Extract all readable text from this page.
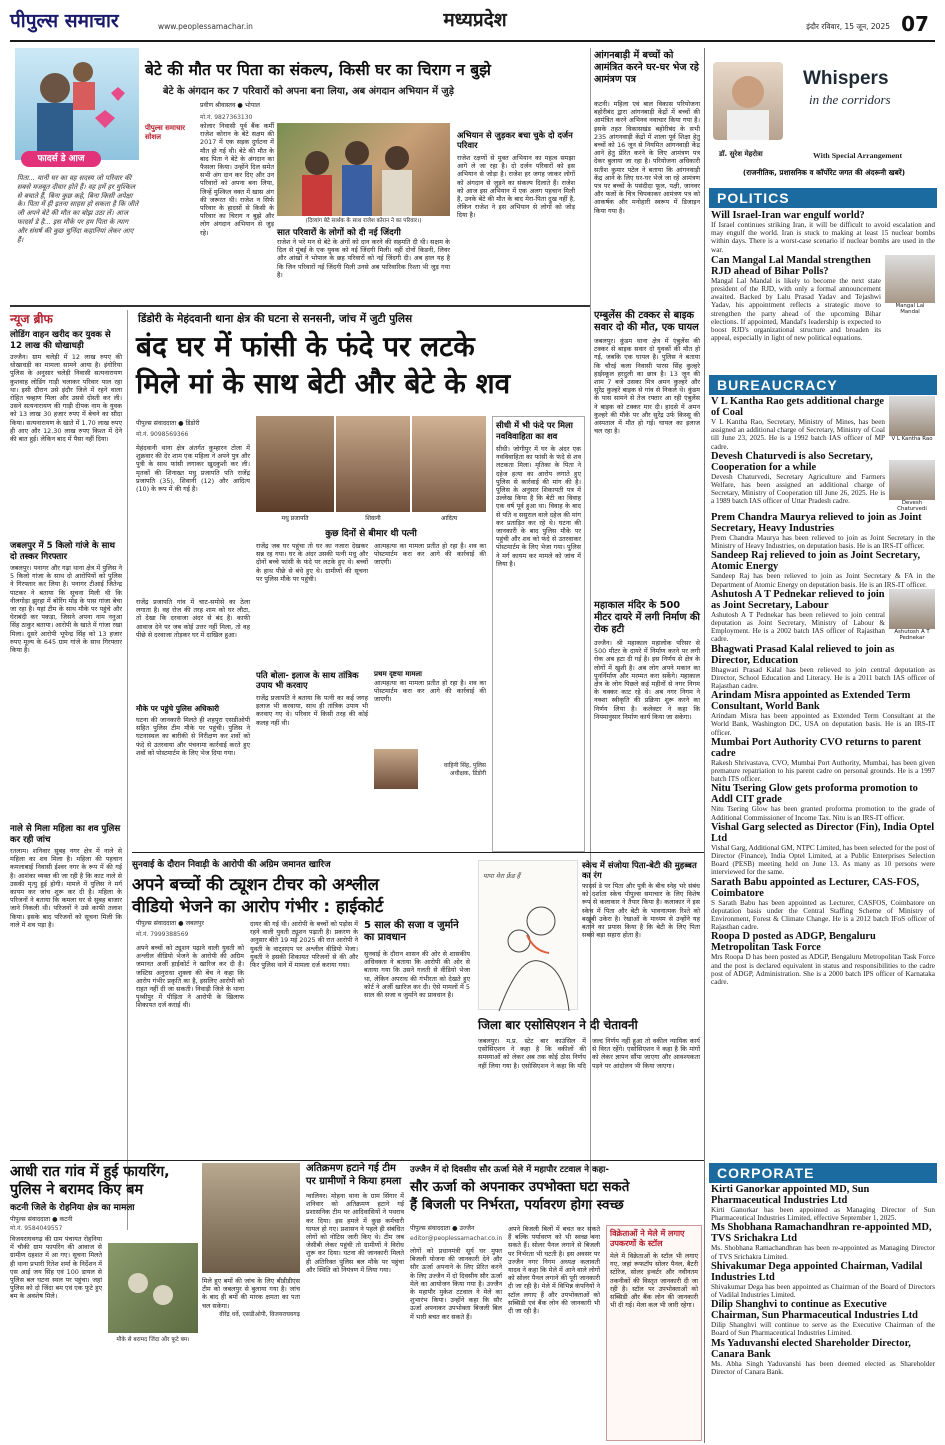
पीपुल्स समाचार	www.peoplessamachar.in	मध्यप्रदेश	इंदौर रविवार, 15 जून, 2025 07
फादर्स डे आज
पिता... यानी घर का वह सदस्य जो परिवार की सबसे मजबूत दीवार होते हैं। वह हमें हर मुश्किल से बचाते हैं, बिना कुछ कहे, बिना किसी अपेक्षा के। पिता में ही इतना साहस हो सकता है कि जीते जी अपने बेटे की मौत का बोझ उठा लें। आज फादर्स डे है... इस मौके पर हम पिता के त्याग और संघर्ष की कुछ चुनिंदा कहानियां लेकर आए हैं।
बेटे की मौत पर पिता का संकल्प, किसी घर का चिराग न बुझे
बेटे के अंगदान कर 7 परिवारों को अपना बना लिया, अब अंगदान अभियान में जुड़े
प्रवीण श्रीवास्तव ● भोपाल
मो.नं. 9827363130
पीपुल्स समाचार सोशल
कोलार निवासी पूर्व बैंक कर्मी राजेश कोरान के बेटे सक्षम की 2017 में एक सड़क दुर्घटना में मौत हो गई थी। बेटे की मौत के बाद पिता ने बेटे के अंगदान का फैसला किया। उन्होंने दिल समेत सभी अंग दान कर दिए और उन परिवारों को अपना बना लिया, जिन्हें मुश्किल वक्त में खास अंग की जरूरत थी। राजेश न सिर्फ परिवार के हादसों से किसी के परिवार का चिराग न बुझे और लोग अंगदान अभियान से जुड़ रहे।
(दिव्यांग बेटे सार्थक के साथ राजेश कोरान ने का परिवार।)
सात परिवारों के लोगों को दी नई जिंदगी
राजेश ने भरे मन से बेटे के अंगों को दान करने की सहमति दी थी। सक्षम के दिल से मुंबई के एक युवक को नई जिंदगी मिली। वहीं दोनों किडनी, लिवर और आंखों ने भोपाल के छह परिवारों को नई जिंदगी दी। अब हाल यह है कि जिन परिवारों नई जिंदगी मिली उनसे अब पारिवारिक रिश्ता भी जुड़ गया है।
अभियान से जुड़कर बचा चुके दो दर्जन परिवार
राजेश रक्षणों से मुक्त अभियान का महत्व समझा आगे ले जा रहा है। दो दर्जन परिवारों को इस अभियान से जोड़ा है। राजेश हर जगह जाकर लोगों को अंगदान से जुड़ने का संकल्प दिलाते हैं। राजेश को आज इस अभियान में एक अलग पहचान मिली है, उनके बेटे की मौत के बाद मेरा-पिता दुख नहीं है, लेकिन राजेश ने इस अभियान से लोगों को जोड़ दिया है।
आंगनबाड़ी में बच्चों को आमंत्रित करने घर-घर भेज रहे आमंत्रण पत्र
कटनी। महिला एवं बाल विकास परियोजना बहोरीबंद द्वारा आंगनबाड़ी केंद्रों में बच्चों की आमंत्रित करने अभिनव नवाचार किया गया है। इसके तहत विकासखंड बहोरीबंद के सभी 235 आंगनवाड़ी केंद्रों में शाला पूर्व शिक्षा हेतु बच्चों को 16 जून से नियमित आंगनवाड़ी केंद्र आने हेतु प्रेरित करने के लिए आमंत्रण पत्र देकर बुलाया जा रहा है। परियोजना अधिकारी सतीश कुमार पटेल ने बताया कि आंगनवाड़ी केंद्र आने के लिए घर-घर भेजे जा रहे आमंत्रण पत्र पर बच्चों के पसंदीदा फूल, पक्षी, जानवर और फलों के चित्र चिपकाकर आमंत्रण पत्र को आकर्षक और मनोहारी स्वरूप में डिजाइन किया गया है।
Whispers
in the corridors
डॉ. सुरेश मेहरोत्रा	With Special Arrangement
(राजनीतिक, प्रशासनिक व कॉर्पोरेट जगत की अंदरूनी खबरें)
POLITICS
Will Israel-Iran war engulf world?
If Israel continues striking Iran, it will be difficult to avoid escalation and may engulf the world. Iran is stuck to making at least 15 nuclear bombs within days. There is a worst-case scenario if nuclear bombs are used in the war.
Can Mangal Lal Mandal strengthen RJD ahead of Bihar Polls?
Mangal Lal Mandal is likely to become the next state president of the RJD, with only a formal announcement awaited. Backed by Lalu Prasad Yadav and Tejashwi Yadav, his appointment reflects a strategic move to strengthen the party ahead of the upcoming Bihar elections. If appointed, Mandal's leadership is expected to boost RJD's organizational structure and broaden its appeal, especially in light of new political equations.
Mangal Lal Mandal
BUREAUCRACY
V L Kantha Rao gets additional charge of Coal
V L Kantha Rao, Secretary, Ministry of Mines, has been assigned an additional charge of Secretary, Ministry of Coal till June 23, 2025. He is a 1992 batch IAS officer of MP cadre.
Devesh Chaturvedi is also Secretary, Cooperation for a while
Devesh Chaturvedi, Secretary Agriculture and Farmers Welfare, has been assigned an additional charge of Secretary, Ministry of Cooperation till June 26, 2025. He is a 1989 batch IAS officer of Uttar Pradesh cadre.
V L Kantha Rao
Devesh Chaturvedi
Prem Chandra Maurya relieved to join as Joint Secretary, Heavy Industries
Prem Chandra Maurya has been relieved to join as Joint Secretary in the Ministry of Heavy Industries, on deputation basis. He is an IRS-IT officer.
Sandeep Raj relieved to join as Joint Secretary, Atomic Energy
Sandeep Raj has been relieved to join as Joint Secretary & FA in the Department of Atomic Energy on deputation basis. He is an IRS-IT officer.
Ashutosh A T Pednekar relieved to join as Joint Secretary, Labour
Ashutosh A T Pednekar has been relieved to join central deputation as Joint Secretary, Ministry of Labour & Employment. He is a 2002 batch IAS officer of Rajasthan cadre.
Ashutosh A T Pednekar
Bhagwati Prasad Kalal relieved to join as Director, Education
Bhagwati Prasad Kalal has been relieved to join central deputation as Director, School Education and Literacy. He is a 2011 batch IAS officer of Rajasthan cadre.
Arindam Misra appointed as Extended Term Consultant, World Bank
Arindam Misra has been appointed as Extended Term Consultant at the World Bank, Washington DC, USA on deputation basis. He is an IRS-IT officer.
Mumbai Port Authority CVO returns to parent cadre
Rakesh Shrivastava, CVO, Mumbai Port Authority, Mumbai, has been given premature repatriation to his parent cadre on personal grounds. He is a 1997 batch ITS officer.
Nitu Tsering Glow gets proforma promotion to Addl CIT grade
Nitu Tsering Glow has been granted proforma promotion to the grade of Additional Commissioner of Income Tax. Nitu is an IRS-IT officer.
Vishal Garg selected as Director (Fin), India Optel Ltd
Vishal Garg, Additional GM, NTPC Limited, has been selected for the post of Director (Finance), India Optel Limited, at a Public Enterprises Selection Board (PESB) meeting held on June 13. As many as 10 persons were interviewed for the same.
Sarath Babu appointed as Lecturer, CAS-FOS, Coimbatore
S Sarath Babu has been appointed as Lecturer, CASFOS, Coimbatore on deputation basis under the Central Staffing Scheme of Ministry of Environment, Forest & Climate Change. He is a 2012 batch IFoS officer of Rajasthan cadre.
Roopa D posted as ADGP, Bengaluru Metropolitan Task Force
Mrs Roopa D has been posted as ADGP, Bengaluru Metropolitan Task Force and the post is declared equivalent in status and responsibilities to the cadre post of ADGP, Administration. She is a 2000 batch IPS officer of Karnataka cadre.
CORPORATE
Kirti Ganorkar appointed MD, Sun Pharmaceutical Industries Ltd
Kirti Ganorkar has been appointed as Managing Director of Sun Pharmaceutical Industries Limited, effective September 1, 2025.
Ms Shobhana Ramachandhran re-appointed MD, TVS Srichakra Ltd
Ms. Shobhana Ramachandhran has been re-appointed as Managing Director of TVS Srichakra Limited.
Shivakumar Dega appointed Chairman, Vadilal Industries Ltd
Shivakumar Dega has been appointed as Chairman of the Board of Directors of Vadilal Industries Limited.
Dilip Shanghvi to continue as Executive Chairman, Sun Pharmaceutical Industries Ltd
Dilip Shanghvi will continue to serve as the Executive Chairman of the Board of Sun Pharmaceutical Industries Limited.
Ms Yaduvanshi elected Shareholder Director, Canara Bank
Ms. Abha Singh Yaduvanshi has been deemed elected as Shareholder Director of Canara Bank.
न्यूज ब्रीफ
लोडिंग वाहन खरीद कर युवक से 12 लाख की धोखाधड़ी
उज्जैन। ग्राम चलेड़ी में 12 लाख रुपए की धोखाधड़ी का मामला सामने आया है। इंगोरिया पुलिस के अनुसार चलेड़ी निवासी सत्यनारायण कुशवाह लोडिंग गाड़ी चलाकर परिवार पाल रहा था। इसी दौरान उसे इंदौर जिले में रहने वाला रोहित चव्हाण मिला और उससे दोस्ती कर ली। उसने सत्यनारायण की गाड़ी दीपक नाम के युवक को 13 लाख 30 हजार रुपए में बेचने का सौदा किया। सत्यनारायण के खाते में 1.70 लाख रुपए ही आए और 12.30 लाख रुपए किश्त में देने की बात हुई। लेकिन बाद में पैसा नहीं दिया।
जबलपुर में 5 किलो गांजे के साथ दो तस्कर गिरफ्तार
जबलपुर। पनागर और गढ़ा थाना क्षेत्र में पुलिस ने 5 किलो गांजा के साथ दो आरोपियों को पुलिस ने गिरफ्तार कर लिया है। पनागर टीआई जितेन्द्र पाटकर ने बताया कि सूचना मिली थी कि नीलगोड़ा झुरहा में बोरिंग मोड़ के पास गांजा बेचा जा रहा है। यहां टीम के साथ मौके पर पहुंचे और घेराबंदी कर पकड़ा, जिसने अपना नाम ननुआ सिंह ठाकुर बताया। आरोपी के खाते में गांजा रखा मिला। दूसरे आरोपी भूपेन्द्र सिंह को 13 हजार रुपए मूल्य के 645 ग्राम गांजे के साथ गिरफ्तार किया है।
नाले से मिला महिला का शव पुलिस कर रही जांच
रतलाम। शनिवार सुबह नगर क्षेत्र में नाले से महिला का शव मिला है। महिला की पहचान कमलाबाई निवासी ईश्वर नगर के रूप में की गई है। आशंका व्यक्त की जा रही है कि काट नाले से उसकी मृत्यु हुई होगी। मामले में पुलिस ने मर्ग कायम कर जांच शुरू कर दी है। महिला के परिजनों ने बताया कि कमला घर से सुबह बाजार जाने निकली थी। परिजनों ने उसे काफी तलाश किया। इसके बाद परिजनों को सूचना मिली कि नाले में शव पड़ा है।
डिंडोरी के मेहंदवानी थाना क्षेत्र की घटना से सनसनी, जांच में जुटी पुलिस
बंद घर में फांसी के फंदे पर लटके
मिले मां के साथ बेटी और बेटे के शव
पीपुल्स संवाददाता ● डिंडोरी
मो.नं. 9098569366
मेहंदवानी थाना क्षेत्र अंतर्गत कुम्हारन टोला में शुक्रवार की देर शाम एक महिला ने अपने पुत्र और पुत्री के साथ फांसी लगाकर खुदकुशी कर ली। मृतकों की शिनाख्त मधु प्रजापति पति राजेंद्र प्रजापति (35), शिवानी (12) और आदित्य (10) के रूप में की गई है।
राजेंद्र प्रजापति गांव में चाट-समोसे का ठेला लगाता है। वह रोज की तरह शाम को घर लौटा, तो देखा कि दरवाजा अंदर से बंद है। काफी आवाज देने पर जब कोई उत्तर नहीं मिला, तो वह पीछे से दरवाजा तोड़कर घर में दाखिल हुआ।
मौके पर पहुंचे पुलिस अधिकारी
घटना की जानकारी मिलते ही शहपुरा एसडीओपी सहित पुलिस टीम मौके पर पहुंची। पुलिस ने घटनास्थल का बारीकी से निरीक्षण कर शवों को फंदे से उतरवाया और पंचनामा कार्रवाई करते हुए शवों को पोस्टमार्टम के लिए भेज दिया गया।
मधु प्रजापति	शिवानी	आदित्य
कुछ दिनों से बीमार थी पत्नी
राजेंद्र जब घर पहुंचा तो घर का नजारा देखकर सन्न रह गया। घर के अंदर उसकी पत्नी मधु और दोनों बच्चे फांसी के फंदे पर लटके हुए थे। बच्चों के हाथ पीछे से बंधे हुए थे। ग्रामीणों की सूचना पर पुलिस मौके पर पहुंची।
आत्महत्या का मामला प्रतीत हो रहा है। शव का पोस्टमार्टम करा कर आगे की कार्रवाई की जाएगी।
पति बोला- इलाज के साथ तांत्रिक उपाय भी करवाए
राजेंद्र प्रजापति ने बताया कि पत्नी का कई जगह इलाज भी करवाया, साथ ही तांत्रिक उपाय भी करवाए गए थे। परिवार में किसी तरह की कोई कलह नहीं थी।
प्रथम दृष्टया मामला
आत्महत्या का मामला प्रतीत हो रहा है। शव का पोस्टमार्टम करा कर आगे की कार्रवाई की जाएगी।
वाहिनी सिंह, पुलिस अधीक्षक, डिंडोरी
सीधी में भी फंदे पर मिला नवविवाहिता का शव
सीधी। जोगीपुर में घर के अंदर एक नवविवाहिता का फांसी के फंदे से शव लटकता मिला। मृतिका के पिता ने दहेज हत्या का आरोप लगाते हुए पुलिस से कार्रवाई की मांग की है। पुलिस के अनुसार शिकायती पत्र में उल्लेख किया है कि बेटी का विवाह एक वर्ष पूर्व हुआ था। विवाह के बाद से पति व ससुराल वाले दहेज की मांग कर प्रताड़ित कर रहे थे। घटना की जानकारी के बाद पुलिस मौके पर पहुंची और शव को फंदे से उतरवाकर पोस्टमार्टम के लिए भेजा गया। पुलिस ने मर्ग कायम कर मामले को जांच में लिया है।
एम्बुलेंस की टक्कर से बाइक सवार दो की मौत, एक घायल
जबलपुर। कुंडम थाना क्षेत्र में एंबुलेंस की टक्कर से बाइक सवार दो युवकों की मौत हो गई, जबकि एक घायल है। पुलिस ने बताया कि चौरई कला निवासी पारस सिंह कुल्हरे हाईस्कूल हरदुली का छात्र है। 13 जून की शाम 7 बजे उसका मित्र अमन कुल्हरे और सुरेंद्र कुल्हरे बाइक से गांव से निकले थे। कुंडम के पास सामने से तेज रफ्तार आ रही एंबुलेंस ने बाइक को टक्कर मार दी। हादसे में अमन कुल्हरे की मौके पर और सुरेंद्र उर्फ किस्सू की अस्पताल में मौत हो गई। घायल का इलाज चल रहा है।
महाकाल मंदिर के 500 मीटर दायरे में लगी निर्माण की रोक हटी
उज्जैन। श्री महाकाल महालोक परिसर से 500 मीटर के दायरे में निर्माण करने पर लगी रोक अब हटा दी गई है। इस निर्णय से क्षेत्र के लोगों में खुशी है। अब लोग अपने मकान का पुनर्निर्माण और मरम्मत करा सकेंगे। महाकाल क्षेत्र के लोग पिछले कई महीनों से नगर निगम के चक्कर काट रहे थे। अब नगर निगम ने नक्शा स्वीकृति की प्रक्रिया शुरू करने का निर्णय लिया है। कलेक्टर ने कहा कि नियमानुसार निर्माण कार्य किया जा सकेगा।
सुनवाई के दौरान निवाड़ी के आरोपी की अग्रिम जमानत खारिज
अपने बच्चों की ट्यूशन टीचर को अश्लील
वीडियो भेजने का आरोप गंभीर : हाईकोर्ट
पीपुल्स संवाददाता ● जबलपुर
मो.नं. 7999388569
अपने बच्चों को ट्यूशन पढ़ाने वाली युवती को अश्लील वीडियो भेजने के आरोपी की अग्रिम जमानत अर्जी हाईकोर्ट ने खारिज कर दी है। जस्टिस अनुराधा शुक्ला की बेंच ने कहा कि आरोप गंभीर प्रकृति का है, इसलिए आरोपी को राहत नहीं दी जा सकती। निवाड़ी जिले के थाना पृथ्वीपुर में पीड़िता ने आरोपी के खिलाफ शिकायत दर्ज कराई थी।
दायर की गई थी। आरोपी के बच्चों को पड़ोस में रहने वाली युवती ट्यूशन पढ़ाती है। प्रकरण के अनुसार बीते 19 मई 2025 की रात आरोपी ने युवती के वाट्सएप पर अश्लील वीडियो भेजा। युवती ने इसकी शिकायत परिजनों से की और फिर पुलिस थाने में मामला दर्ज कराया गया।
5 साल की सजा व जुर्माने का प्रावधान
सुनवाई के दौरान शासन की ओर से शासकीय अधिवक्ता ने बताया कि आरोपी की ओर से बताया गया कि उसने गलती से वीडियो भेजा था, लेकिन अपराध की गंभीरता को देखते हुए कोर्ट ने अर्जी खारिज कर दी। ऐसे मामलों में 5 साल की सजा व जुर्माने का प्रावधान है।
पापा मेरा फ्रेंड हैं
स्केच में संजोया पिता-बेटी की मुहब्बत का रंग
फादर्स डे पर पिता और पुत्री के बीच स्नेह भरे संबंध को दर्शाता स्केच पीपुल्स समाचार के लिए विशेष रूप से कलाकार ने तैयार किया है। कलाकार ने इस स्केच में पिता और बेटी के भावनात्मक रिश्ते को बखूबी उकेरा है। रेखाओं के माध्यम से उन्होंने यह बताने का प्रयास किया है कि बेटी के लिए पिता सबसे बड़ा सहारा होता है।
जिला बार एसोसिएशन ने दी चेतावनी
जबलपुर। म.प्र. स्टेट बार काउंसिल में एसोसिएशन ने कहा है कि वकीलों की समस्याओं को लेकर अब तक कोई ठोस निर्णय नहीं लिया गया है। एसोसिएशन ने कहा कि यदि जल्द निर्णय नहीं हुआ तो वकील न्यायिक कार्य से विरत रहेंगे। एसोसिएशन ने कहा है कि मांगों को लेकर ज्ञापन सौंपा जाएगा और आवश्यकता पड़ने पर आंदोलन भी किया जाएगा।
आधी रात गांव में हुई फायरिंग,
पुलिस ने बरामद किए बम
कटनी जिले के रोहनिया क्षेत्र का मामला
पीपुल्स संवाददाता ● कटनी
मो.नं. 9584049557
विजयराघवगढ़ की ग्राम पंचायत रोहनिया में चौकी ग्राम फायरिंग की आवाज से ग्रामीण दहशत में आ गए। सूचना मिलते ही थाना प्रभारी रितेश शर्मा के निर्देशन में एस आई जय सिंह एवं 100 डायल से पुलिस बल घटना स्थल पर पहुंचा। जहां पुलिस को दो जिंदा बम एवं एक फूटे हुए बम के अवशेष मिले।
मौके से बरामद जिंदा और फूटे बम।
मिले हुए बमों की जांच के लिए बीडीडीएस टीम को जबलपुर से बुलाया गया है। जांच के बाद ही बमों की मारक क्षमता का पता चल सकेगा।
वीरेंद्र धर्वे, एसडीओपी, विजयराघवगढ़
अतिक्रमण हटाने गई टीम पर ग्रामीणों ने किया हमला
ग्वालियर। मोहना थाना के ग्राम सिंगार में शनिवार को अतिक्रमण हटाने गई प्रशासनिक टीम पर आदिवासियों ने पथराव कर दिया। इस हमले में कुछ कर्मचारी घायल हो गए। प्रशासन ने पहले ही संबंधित लोगों को नोटिस जारी किए थे। टीम जब जेसीबी लेकर पहुंची तो ग्रामीणों ने विरोध शुरू कर दिया। घटना की जानकारी मिलते ही अतिरिक्त पुलिस बल मौके पर पहुंचा और स्थिति को नियंत्रण में लिया गया।
उज्जैन में दो दिवसीय सौर ऊर्जा मेले में महापौर टटवाल ने कहा-
सौर ऊर्जा को अपनाकर उपभोक्ता घटा सकते
हैं बिजली पर निर्भरता, पर्यावरण होगा स्वच्छ
पीपुल्स संवाददाता ● उज्जैन
editor@peoplessamachar.co.in
लोगों को प्रधानमंत्री सूर्य घर मुफ्त बिजली योजना की जानकारी देने और सौर ऊर्जा अपनाने के लिए प्रेरित करने के लिए उज्जैन में दो दिवसीय सौर ऊर्जा मेले का आयोजन किया गया है। उज्जैन के महापौर मुकेश टटवाल ने मेले का शुभारंभ किया। उन्होंने कहा कि सौर ऊर्जा अपनाकर उपभोक्ता बिजली बिल में भारी बचत कर सकते हैं।
अपने बिजली बिलों में बचत कर सकते हैं बल्कि पर्यावरण को भी स्वच्छ बना सकते हैं। सोलर पैनल लगाने से बिजली पर निर्भरता भी घटती है। इस अवसर पर उज्जैन नगर निगम अध्यक्ष कलावती यादव ने कहा कि मेले में आने वाले लोगों को सोलर पैनल लगाने की पूरी जानकारी दी जा रही है। मेले में विभिन्न कंपनियों ने स्टॉल लगाए हैं और उपभोक्ताओं को सब्सिडी एवं बैंक लोन की जानकारी भी दी जा रही है।
विक्रेताओं ने मेले में लगाए उपकरणों के स्टॉल
मेले में विक्रेताओं के स्टॉल भी लगाए गए, जहां रूफटॉप सोलर पैनल, बैटरी स्टोरेज, सोलर इन्वर्टर और नवीनतम तकनीकों की विस्तृत जानकारी दी जा रही है। स्टॉल पर उपभोक्ताओं को सब्सिडी और बैंक लोन की जानकारी भी दी गई। मेला कल भी जारी रहेगा।
